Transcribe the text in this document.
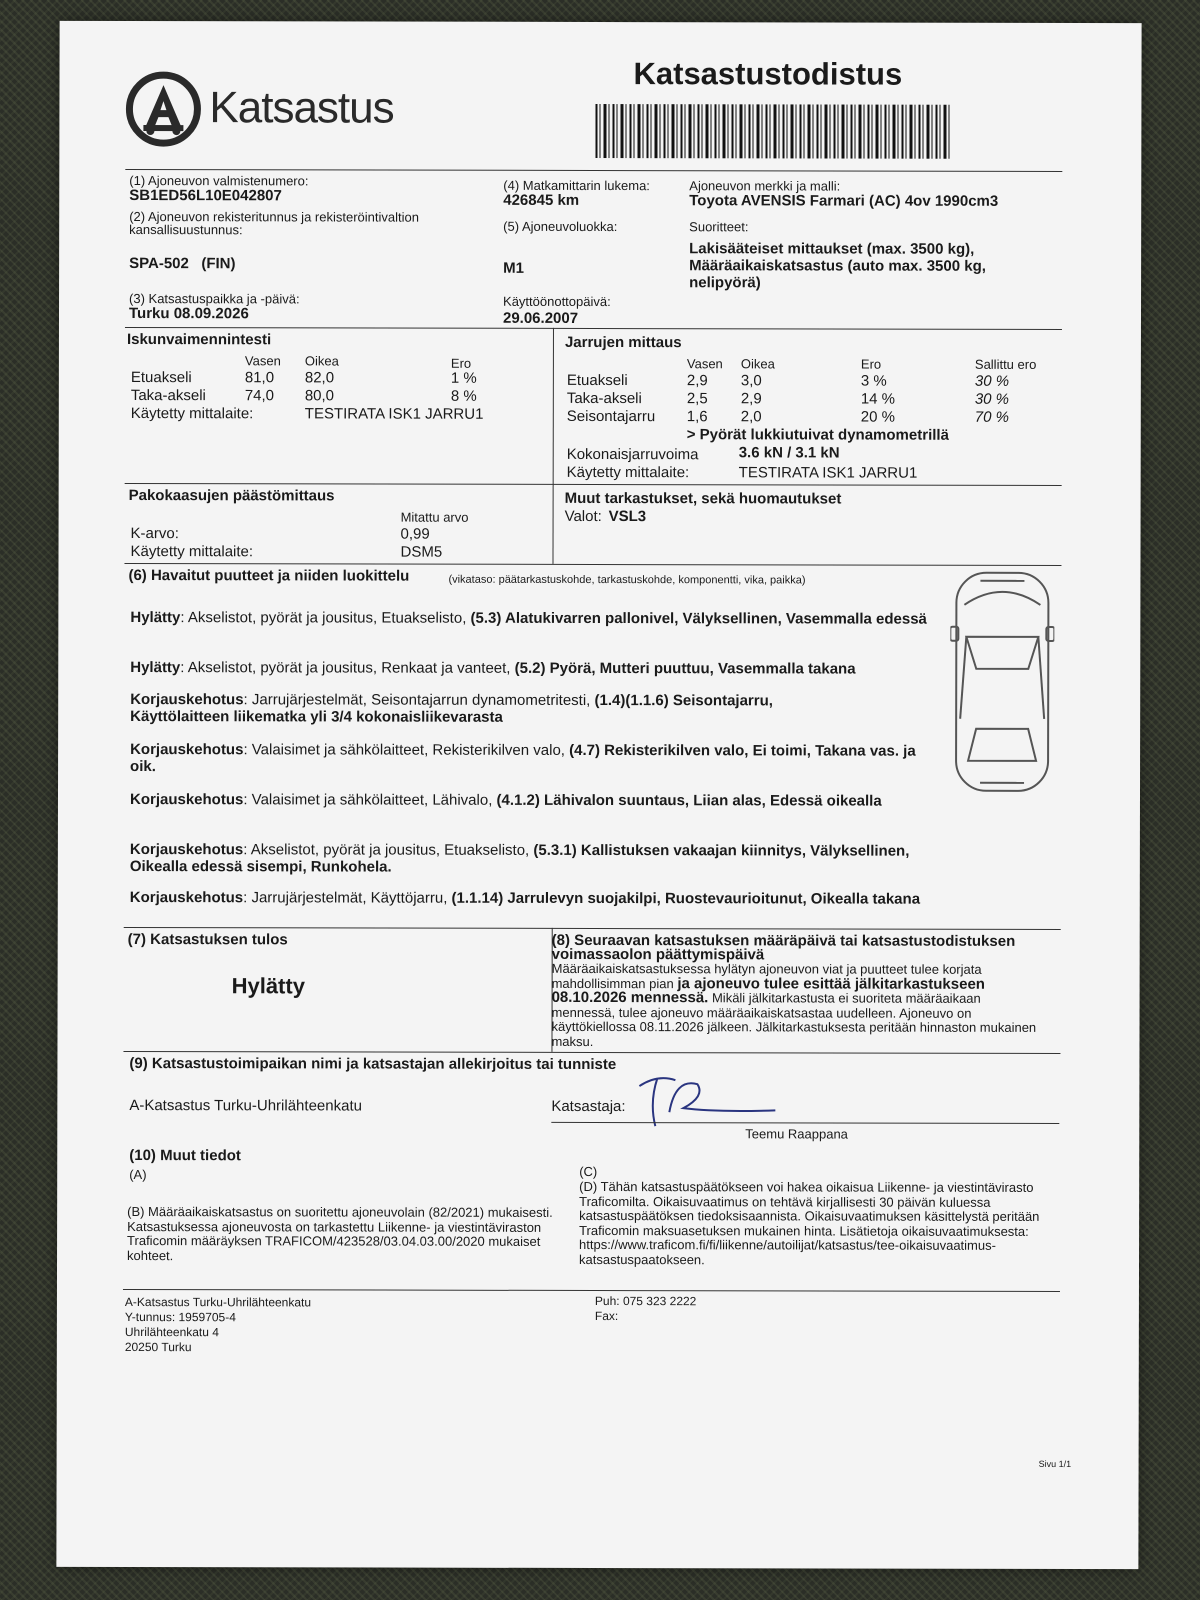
Katsastus
Katsastustodistus
(1) Ajoneuvon valmistenumero:
SB1ED56L10E042807
(2) Ajoneuvon rekisteritunnus ja rekisteröintivaltion
kansallisuustunnus:
SPA-502   (FIN)
(3) Katsastuspaikka ja -päivä:
Turku 08.09.2026
(4) Matkamittarin lukema:
426845 km
(5) Ajoneuvoluokka:
M1
Käyttöönottopäivä:
29.06.2007
Ajoneuvon merkki ja malli:
Toyota AVENSIS Farmari (AC) 4ov 1990cm3
Suoritteet:
Lakisääteiset mittaukset (max. 3500 kg),
Määräaikaiskatsastus (auto max. 3500 kg,
nelipyörä)
Iskunvaimennintesti
Vasen Oikea	Ero
Etuakseli	81,0 82,0	1 %
Taka-akseli	74,0 80,0	8 %
Käytetty mittalaite:	TESTIRATA ISK1 JARRU1
Jarrujen mittaus
Vasen Oikea	Ero	Sallittu ero
Etuakseli	2,9 3,0	3 %	30 %
Taka-akseli	2,5 2,9	14 %	30 %
Seisontajarru 1,6 2,0	20 %	70 %
> Pyörät lukkiutuivat dynamometrillä
Kokonaisjarruvoima	3.6 kN / 3.1 kN
Käytetty mittalaite:	TESTIRATA ISK1 JARRU1
Pakokaasujen päästömittaus
Mitattu arvo
K-arvo:	0,99
Käytetty mittalaite:	DSM5
Muut tarkastukset, sekä huomautukset
Valot: VSL3
(6) Havaitut puutteet ja niiden luokittelu	(vikataso: päätarkastuskohde, tarkastuskohde, komponentti, vika, paikka)
Hylätty: Akselistot, pyörät ja jousitus, Etuakselisto, (5.3) Alatukivarren pallonivel, Välyksellinen, Vasemmalla edessä
Hylätty: Akselistot, pyörät ja jousitus, Renkaat ja vanteet, (5.2) Pyörä, Mutteri puuttuu, Vasemmalla takana
Korjauskehotus: Jarrujärjestelmät, Seisontajarrun dynamometritesti, (1.4)(1.1.6) Seisontajarru, Käyttölaitteen liikematka yli 3/4 kokonaisliikevarasta
Korjauskehotus: Valaisimet ja sähkölaitteet, Rekisterikilven valo, (4.7) Rekisterikilven valo, Ei toimi, Takana vas. ja oik.
Korjauskehotus: Valaisimet ja sähkölaitteet, Lähivalo, (4.1.2) Lähivalon suuntaus, Liian alas, Edessä oikealla
Korjauskehotus: Akselistot, pyörät ja jousitus, Etuakselisto, (5.3.1) Kallistuksen vakaajan kiinnitys, Välyksellinen, Oikealla edessä sisempi, Runkohela.
Korjauskehotus: Jarrujärjestelmät, Käyttöjarru, (1.1.14) Jarrulevyn suojakilpi, Ruostevaurioitunut, Oikealla takana
(7) Katsastuksen tulos
Hylätty
(8) Seuraavan katsastuksen määräpäivä tai katsastustodistuksen
voimassaolon päättymispäivä
Määräaikaiskatsastuksessa hylätyn ajoneuvon viat ja puutteet tulee korjata mahdollisimman pian ja ajoneuvo tulee esittää jälkitarkastukseen 08.10.2026 mennessä. Mikäli jälkitarkastusta ei suoriteta määräaikaan mennessä, tulee ajoneuvo määräaikaiskatsastaa uudelleen. Ajoneuvo on käyttökiellossa 08.11.2026 jälkeen. Jälkitarkastuksesta peritään hinnaston mukainen maksu.
(9) Katsastustoimipaikan nimi ja katsastajan allekirjoitus tai tunniste
A-Katsastus Turku-Uhrilähteenkatu	Katsastaja:
Teemu Raappana
(10) Muut tiedot
(A)
(B) Määräaikaiskatsastus on suoritettu ajoneuvolain (82/2021) mukaisesti. Katsastuksessa ajoneuvosta on tarkastettu Liikenne- ja viestintäviraston Traficomin määräyksen TRAFICOM/423528/03.04.03.00/2020 mukaiset kohteet.
(C)
(D) Tähän katsastuspäätökseen voi hakea oikaisua Liikenne- ja viestintävirasto Traficomilta. Oikaisuvaatimus on tehtävä kirjallisesti 30 päivän kuluessa katsastuspäätöksen tiedoksisaannista. Oikaisuvaatimuksen käsittelystä peritään Traficomin maksuasetuksen mukainen hinta. Lisätietoja oikaisuvaatimuksesta: https://www.traficom.fi/fi/liikenne/autoilijat/katsastus/tee-oikaisuvaatimus-katsastuspaatokseen.
A-Katsastus Turku-Uhrilähteenkatu
Y-tunnus: 1959705-4
Uhrilähteenkatu 4
20250 Turku
Puh: 075 323 2222
Fax:
Sivu 1/1
